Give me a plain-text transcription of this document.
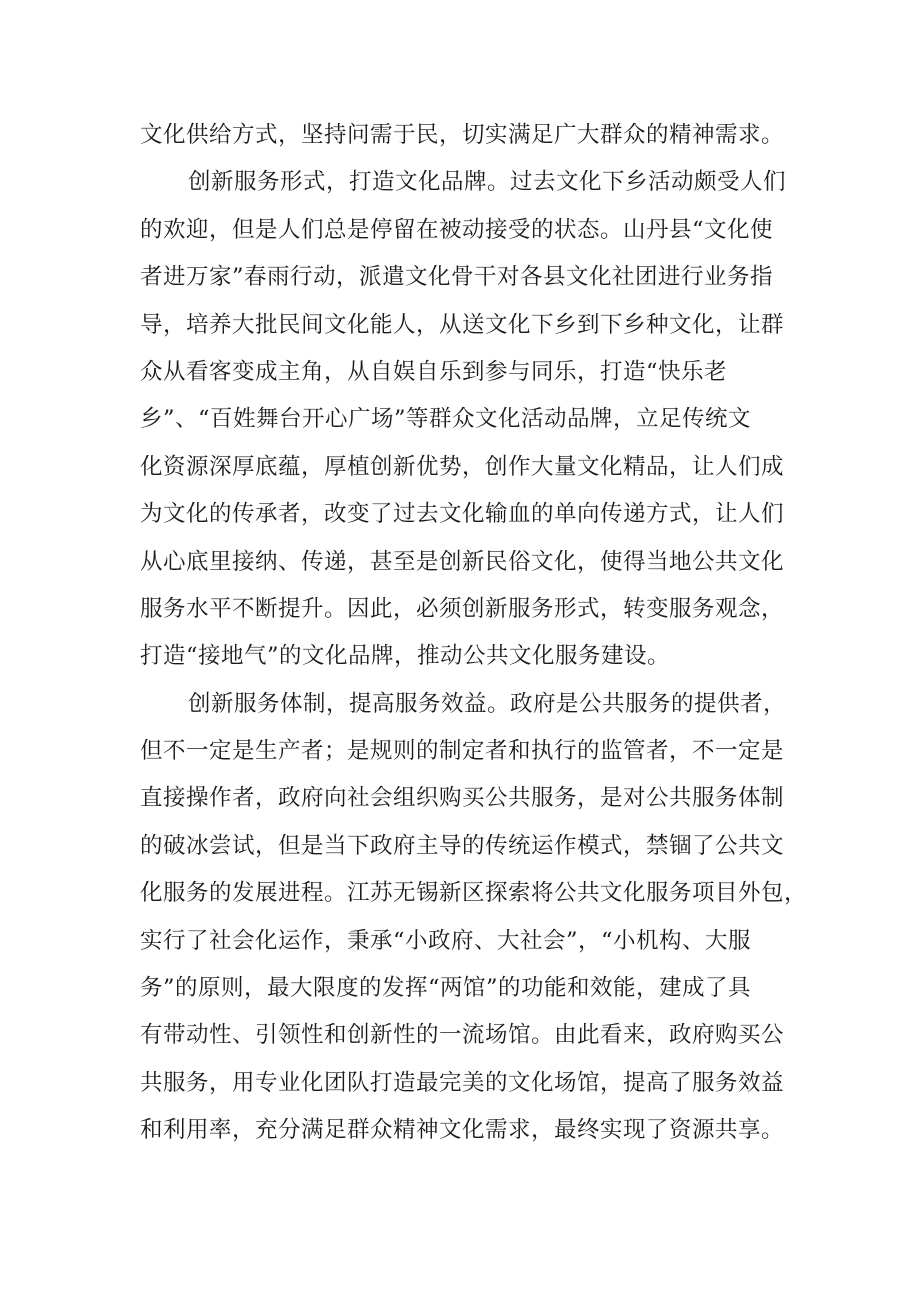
文化供给方式，坚持问需于民，切实满足广大群众的精神需求。
创新服务形式，打造文化品牌。过去文化下乡活动颇受人们
的欢迎，但是人们总是停留在被动接受的状态。山丹县“文化使
者进万家”春雨行动，派遣文化骨干对各县文化社团进行业务指
导，培养大批民间文化能人，从送文化下乡到下乡种文化，让群
众从看客变成主角，从自娱自乐到参与同乐，打造“快乐老
乡”、“百姓舞台开心广场”等群众文化活动品牌，立足传统文
化资源深厚底蕴，厚植创新优势，创作大量文化精品，让人们成
为文化的传承者，改变了过去文化输血的单向传递方式，让人们
从心底里接纳、传递，甚至是创新民俗文化，使得当地公共文化
服务水平不断提升。因此，必须创新服务形式，转变服务观念，
打造“接地气”的文化品牌，推动公共文化服务建设。
创新服务体制，提高服务效益。政府是公共服务的提供者，
但不一定是生产者；是规则的制定者和执行的监管者，不一定是
直接操作者，政府向社会组织购买公共服务，是对公共服务体制
的破冰尝试，但是当下政府主导的传统运作模式，禁锢了公共文
化服务的发展进程。江苏无锡新区探索将公共文化服务项目外包，
实行了社会化运作，秉承“小政府、大社会”，“小机构、大服
务”的原则，最大限度的发挥“两馆”的功能和效能，建成了具
有带动性、引领性和创新性的一流场馆。由此看来，政府购买公
共服务，用专业化团队打造最完美的文化场馆，提高了服务效益
和利用率，充分满足群众精神文化需求，最终实现了资源共享。
